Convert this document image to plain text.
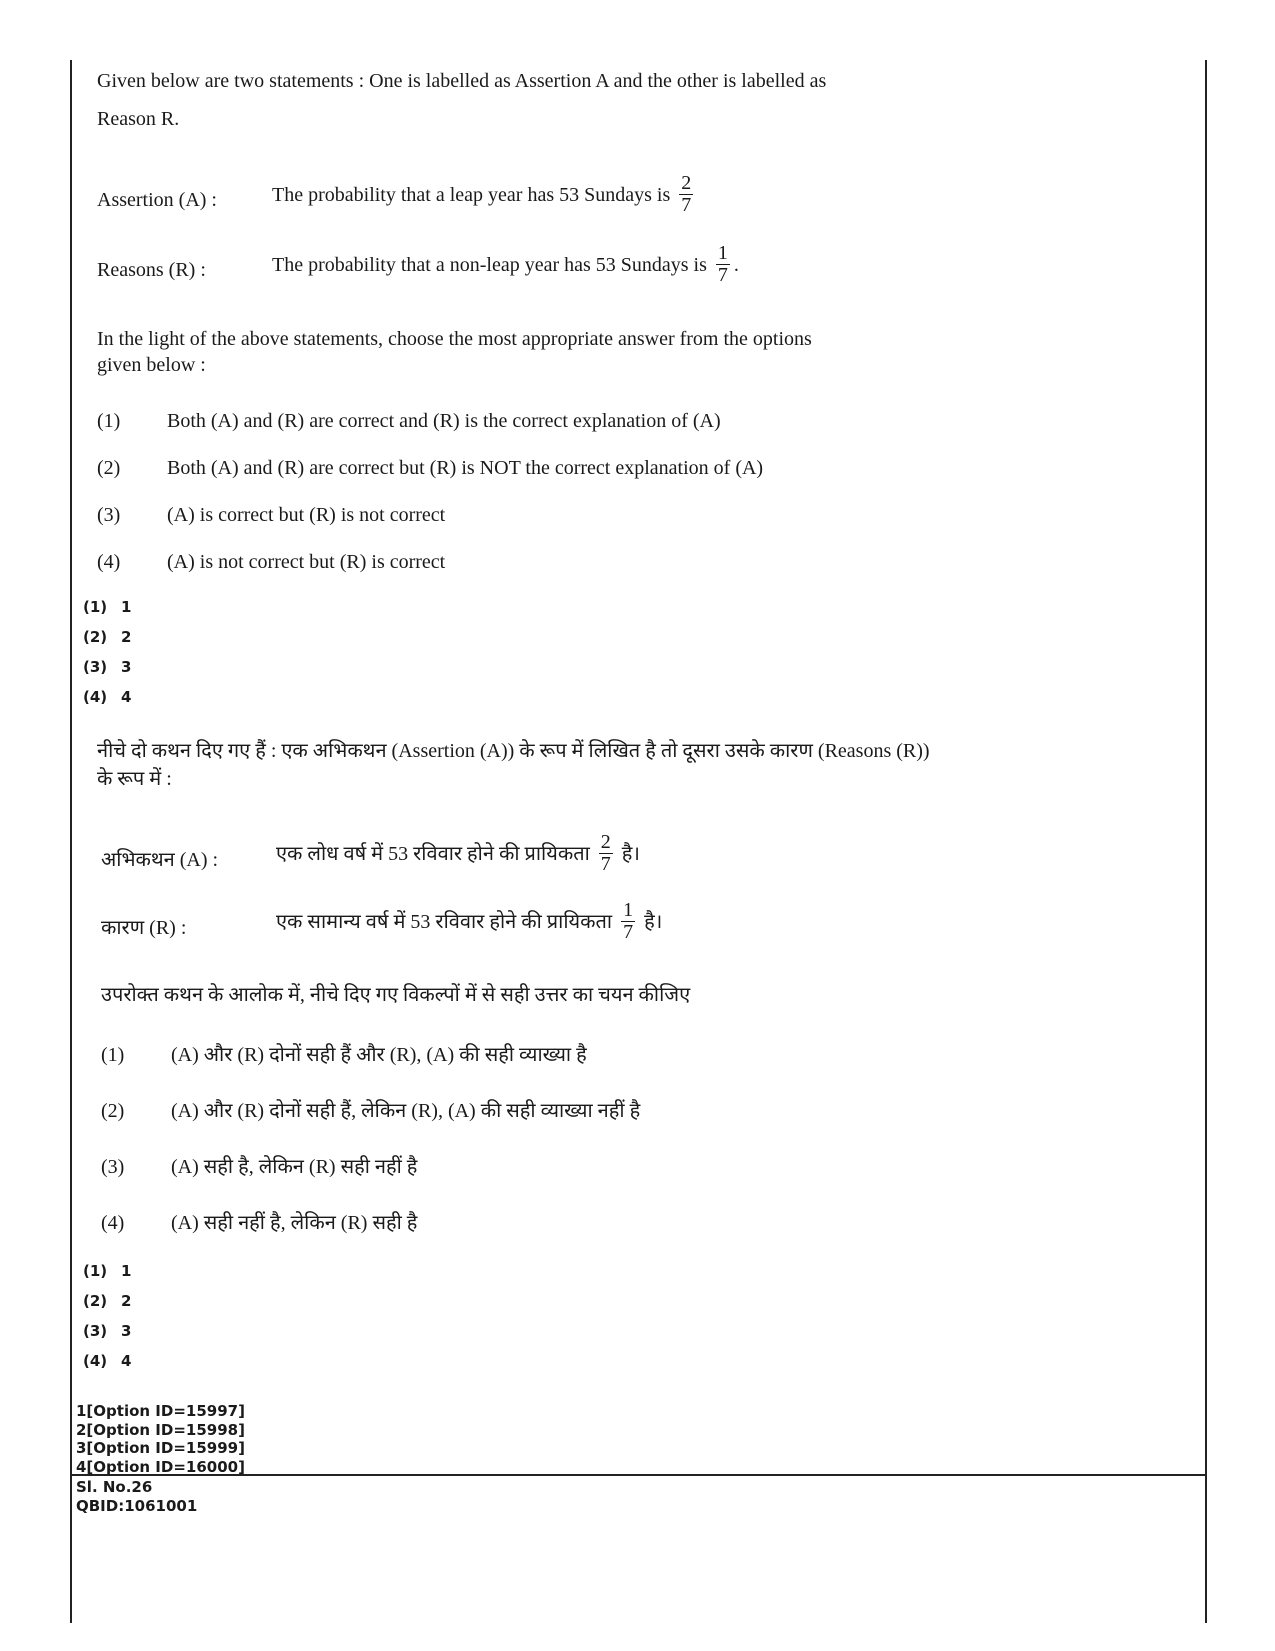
Given below are two statements : One is labelled as Assertion A and the other is labelled as
Reason R.
Assertion (A) :	The probability that a leap year has 53 Sundays is $\frac{2}{7}$
Reasons (R) :	The probability that a non-leap year has 53 Sundays is $\frac{1}{7}$ .
In the light of the above statements, choose the most appropriate answer from the options
given below :
(1) Both (A) and (R) are correct and (R) is the correct explanation of (A)
(2) Both (A) and (R) are correct but (R) is NOT the correct explanation of (A)
(3) (A) is correct but (R) is not correct
(4) (A) is not correct but (R) is correct
(1) 1
(2) 2
(3) 3
(4) 4
नीचे दो कथन दिए गए हैं : एक अभिकथन (Assertion (A)) के रूप में लिखित है तो दूसरा उसके कारण (Reasons (R))
के रूप में :
अभिकथन (A) :	एक लोध वर्ष में 53 रविवार होने की प्रायिकता $\frac{2}{7}$ है।
कारण (R) :	एक सामान्य वर्ष में 53 रविवार होने की प्रायिकता $\frac{1}{7}$ है।
उपरोक्त कथन के आलोक में, नीचे दिए गए विकल्पों में से सही उत्तर का चयन कीजिए
(1) (A) और (R) दोनों सही हैं और (R), (A) की सही व्याख्या है
(2) (A) और (R) दोनों सही हैं, लेकिन (R), (A) की सही व्याख्या नहीं है
(3) (A) सही है, लेकिन (R) सही नहीं है
(4) (A) सही नहीं है, लेकिन (R) सही है
(1) 1
(2) 2
(3) 3
(4) 4
1[Option ID=15997]
2[Option ID=15998]
3[Option ID=15999]
4[Option ID=16000]
Sl. No.26
QBID:1061001
